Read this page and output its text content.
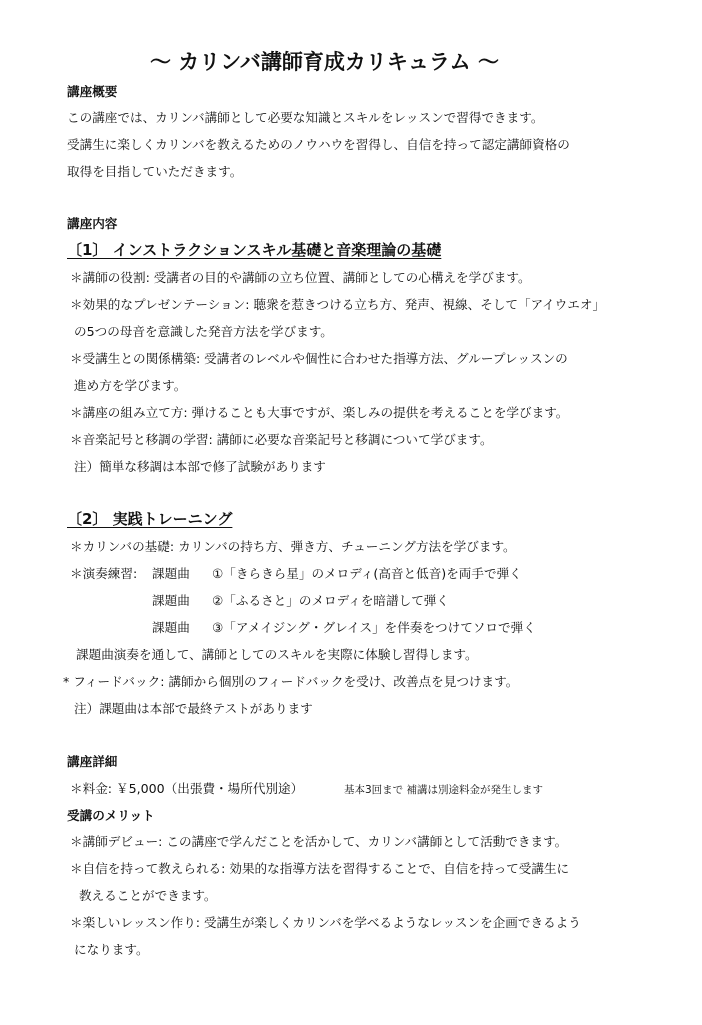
～ カリンバ講師育成カリキュラム ～
講座概要
この講座では、カリンバ講師として必要な知識とスキルをレッスンで習得できます。
受講生に楽しくカリンバを教えるためのノウハウを習得し、自信を持って認定講師資格の
取得を目指していただきます。
講座内容
〔1〕 インストラクションスキル基礎と音楽理論の基礎
＊講師の役割: 受講者の目的や講師の立ち位置、講師としての心構えを学びます。
＊効果的なプレゼンテーション: 聴衆を惹きつける立ち方、発声、視線、そして「アイウエオ」
の5つの母音を意識した発音方法を学びます。
＊受講生との関係構築: 受講者のレベルや個性に合わせた指導方法、グループレッスンの
進め方を学びます。
＊講座の組み立て方: 弾けることも大事ですが、楽しみの提供を考えることを学びます。
＊音楽記号と移調の学習: 講師に必要な音楽記号と移調について学びます。
注）簡単な移調は本部で修了試験があります
〔2〕 実践トレーニング
＊カリンバの基礎: カリンバの持ち方、弾き方、チューニング方法を学びます。
＊演奏練習: 課題曲 ①「きらきら星」のメロディ(高音と低音)を両手で弾く
課題曲 ②「ふるさと」のメロディを暗譜して弾く
課題曲 ③「アメイジング・グレイス」を伴奏をつけてソロで弾く
課題曲演奏を通して、講師としてのスキルを実際に体験し習得します。
* フィードバック: 講師から個別のフィードバックを受け、改善点を見つけます。
注）課題曲は本部で最終テストがあります
講座詳細
＊料金: ￥5,000（出張費・場所代別途）	基本3回まで 補講は別途料金が発生します
受講のメリット
＊講師デビュー: この講座で学んだことを活かして、カリンバ講師として活動できます。
＊自信を持って教えられる: 効果的な指導方法を習得することで、自信を持って受講生に
教えることができます。
＊楽しいレッスン作り: 受講生が楽しくカリンバを学べるようなレッスンを企画できるよう
になります。
